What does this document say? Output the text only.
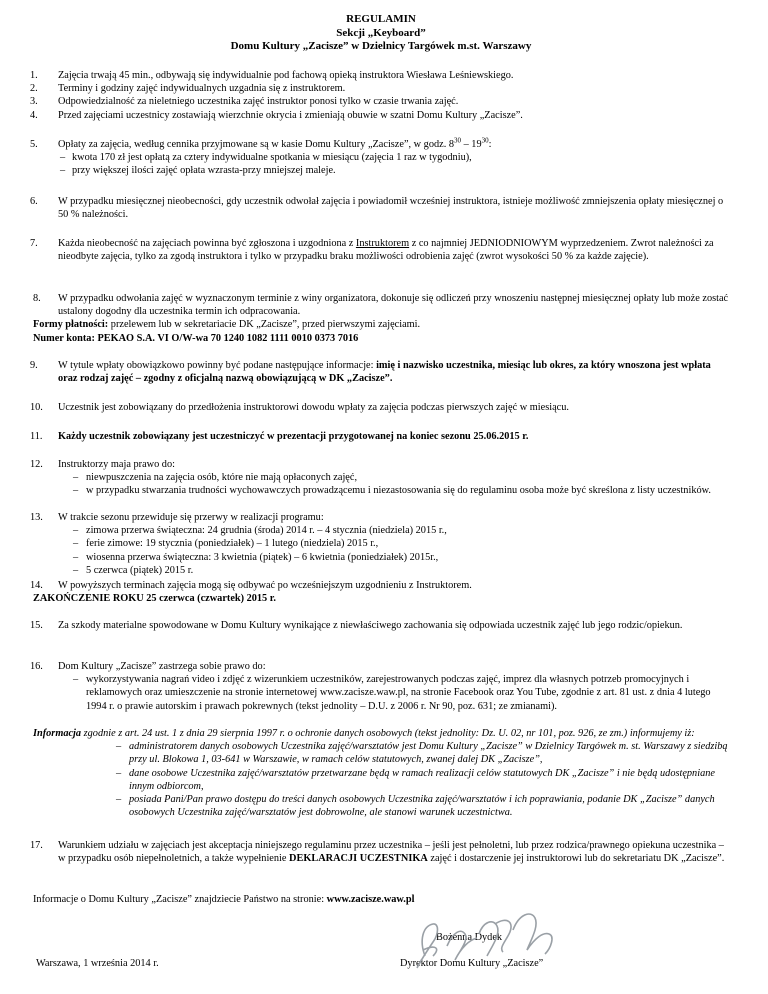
REGULAMIN
Sekcji „Keyboard”
Domu Kultury „Zacisze” w Dzielnicy Targówek m.st. Warszawy
1. Zajęcia trwają 45 min., odbywają się indywidualnie pod fachową opieką instruktora Wiesława Leśniewskiego.
2. Terminy i godziny zajęć indywidualnych uzgadnia się z instruktorem.
3. Odpowiedzialność za nieletniego uczestnika zajęć instruktor ponosi tylko w czasie trwania zajęć.
4. Przed zajęciami uczestnicy zostawiają wierzchnie okrycia i zmieniają obuwie w szatni Domu Kultury „Zacisze”.
5. Opłaty za zajęcia, według cennika przyjmowane są w kasie Domu Kultury „Zacisze”, w godz. $8^{30} - 19^{30}$:
– kwota 170 zł jest opłatą za cztery indywidualne spotkania w miesiącu (zajęcia 1 raz w tygodniu),
– przy większej ilości zajęć opłata wzrasta-przy mniejszej maleje.
6. W przypadku miesięcznej nieobecności, gdy uczestnik odwołał zajęcia i powiadomił wcześniej instruktora, istnieje możliwość zmniejszenia opłaty miesięcznej o 50 % należności.
7. Każda nieobecność na zajęciach powinna być zgłoszona i uzgodniona z Instruktorem z co najmniej JEDNIODNIOWYM wyprzedzeniem. Zwrot należności za nieodbyte zajęcia, tylko za zgodą instruktora i tylko w przypadku braku możliwości odrobienia zajęć (zwrot wysokości 50 % za każde zajęcie).
8. W przypadku odwołania zajęć w wyznaczonym terminie z winy organizatora, dokonuje się odliczeń przy wnoszeniu następnej miesięcznej opłaty lub może zostać ustalony dogodny dla uczestnika termin ich odpracowania.
Formy płatności: przelewem lub w sekretariacie DK „Zacisze”, przed pierwszymi zajęciami.
Numer konta: PEKAO S.A. VI O/W-wa 70 1240 1082 1111 0010 0373 7016
9. W tytule wpłaty obowiązkowo powinny być podane następujące informacje: imię i nazwisko uczestnika, miesiąc lub okres, za który wnoszona jest wpłata oraz rodzaj zajęć – zgodny z oficjalną nazwą obowiązującą w DK „Zacisze”.
10. Uczestnik jest zobowiązany do przedłożenia instruktorowi dowodu wpłaty za zajęcia podczas pierwszych zajęć w miesiącu.
11. Każdy uczestnik zobowiązany jest uczestniczyć w prezentacji przygotowanej na koniec sezonu 25.06.2015 r.
12. Instruktorzy maja prawo do:
– niewpuszczenia na zajęcia osób, które nie mają opłaconych zajęć,
– w przypadku stwarzania trudności wychowawczych prowadzącemu i niezastosowania się do regulaminu osoba może być skreślona z listy uczestników.
13. W trakcie sezonu przewiduje się przerwy w realizacji programu:
– zimowa przerwa świąteczna: 24 grudnia (środa) 2014 r. – 4 stycznia (niedziela) 2015 r.,
– ferie zimowe: 19 stycznia (poniedziałek) – 1 lutego (niedziela) 2015 r.,
– wiosenna przerwa świąteczna: 3 kwietnia (piątek) – 6 kwietnia (poniedziałek) 2015r.,
– 5 czerwca (piątek) 2015 r.
14. W powyższych terminach zajęcia mogą się odbywać po wcześniejszym uzgodnieniu z Instruktorem.
ZAKOŃCZENIE ROKU 25 czerwca (czwartek) 2015 r.
15. Za szkody materialne spowodowane w Domu Kultury wynikające z niewłaściwego zachowania się odpowiada uczestnik zajęć lub jego rodzic/opiekun.
16. Dom Kultury „Zacisze” zastrzega sobie prawo do:
– wykorzystywania nagrań video i zdjęć z wizerunkiem uczestników, zarejestrowanych podczas zajęć, imprez dla własnych potrzeb promocyjnych i reklamowych oraz umieszczenie na stronie internetowej www.zacisze.waw.pl, na stronie Facebook oraz You Tube, zgodnie z art. 81 ust. z dnia 4 lutego 1994 r. o prawie autorskim i prawach pokrewnych (tekst jednolity – D.U. z 2006 r. Nr 90, poz. 631; ze zmianami).
Informacja zgodnie z art. 24 ust. 1 z dnia 29 sierpnia 1997 r. o ochronie danych osobowych (tekst jednolity: Dz. U. 02, nr 101, poz. 926, ze zm.) informujemy iż:
– administratorem danych osobowych Uczestnika zajęć/warsztatów jest Domu Kultury „Zacisze” w Dzielnicy Targówek m. st. Warszawy z siedzibą przy ul. Blokowa 1, 03-641 w Warszawie, w ramach celów statutowych, zwanej dalej DK „Zacisze”,
– dane osobowe Uczestnika zajęć/warsztatów przetwarzane będą w ramach realizacji celów statutowych DK „Zacisze” i nie będą udostępniane innym odbiorcom,
– posiada Pani/Pan prawo dostępu do treści danych osobowych Uczestnika zajęć/warsztatów i ich poprawiania, podanie DK „Zacisze” danych osobowych Uczestnika zajęć/warsztatów jest dobrowolne, ale stanowi warunek uczestnictwa.
17. Warunkiem udziału w zajęciach jest akceptacja niniejszego regulaminu przez uczestnika – jeśli jest pełnoletni, lub przez rodzica/prawnego opiekuna uczestnika – w przypadku osób niepełnoletnich, a także wypełnienie DEKLARACJI UCZESTNIKA zajęć i dostarczenie jej instruktorowi lub do sekretariatu DK „Zacisze”.
Informacje o Domu Kultury „Zacisze” znajdziecie Państwo na stronie: www.zacisze.waw.pl
Warszawa, 1 września 2014 r.
Bożenna Dydek
Dyrektor Domu Kultury „Zacisze”
